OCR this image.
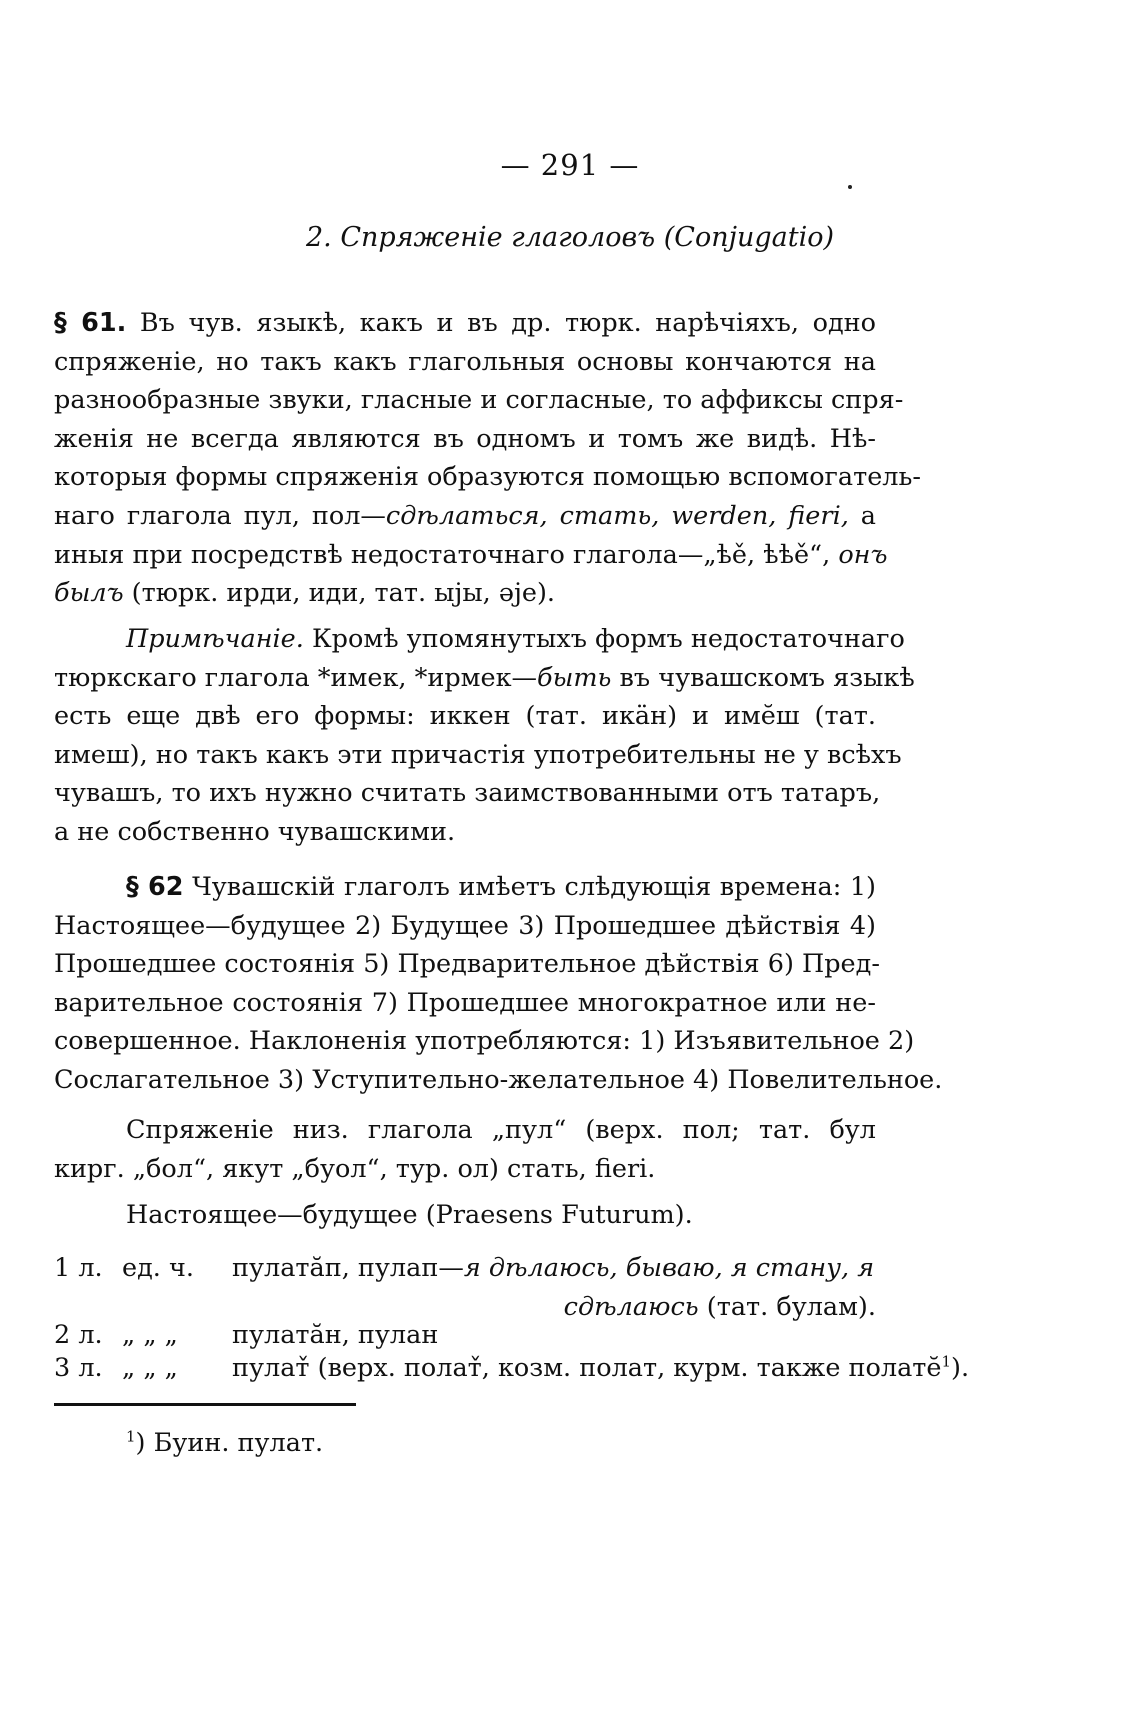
— 291 —
2. Спряженіе глаголовъ (Conjugatio)
§ 61. Въ чув. языкѣ, какъ и въ др. тюрк. нарѣчіяхъ, одно
спряженіе, но такъ какъ глагольныя основы кончаются на
разнообразные звуки, гласные и согласные, то аффиксы спря-
женія не всегда являются въ одномъ и томъ же видѣ. Нѣ-
которыя формы спряженія образуются помощью вспомогатель-
наго глагола пул, пол—сдѣлаться, стать, werden, fieri, а
иныя при посредствѣ недостаточнаго глагола—„ѣě, ѣѣě“, онъ
былъ (тюрк. ирди, иди, тат. ыјы, əје).
Примѣчаніе. Кромѣ упомянутыхъ формъ недостаточнаго
тюркскаго глагола *имек, *ирмек—быть въ чувашскомъ языкѣ
есть еще двѣ его формы: иккен (тат. икӓн) и имĕш (тат.
имеш), но такъ какъ эти причастія употребительны не у всѣхъ
чувашъ, то ихъ нужно считать заимствованными отъ татаръ,
а не собственно чувашскими.
§ 62 Чувашскій глаголъ имѣетъ слѣдующія времена: 1)
Настоящее—будущее 2) Будущее 3) Прошедшее дѣйствія 4)
Прошедшее состоянія 5) Предварительное дѣйствія 6) Пред-
варительное состоянія 7) Прошедшее многократное или не-
совершенное. Наклоненія употребляются: 1) Изъявительное 2)
Сослагательное 3) Уступительно-желательное 4) Повелительное.
Спряженіе низ. глагола „пул“ (верх. пол; тат. бул
кирг. „бол“, якут „буол“, тур. ол) стать, fieri.
Настоящее—будущее (Praesens Futurum).
1 л. ед. ч. пулатăп, пулап—я дѣлаюсь, бываю, я стану, я
сдѣлаюсь (тат. булам).
2 л. „ „ „ пулатăн, пулан
3 л. „ „ „ пулат̌ (верх. полат̌, козм. полат, курм. также полатĕ$^1$).
$^1$) Буин. пулат.
